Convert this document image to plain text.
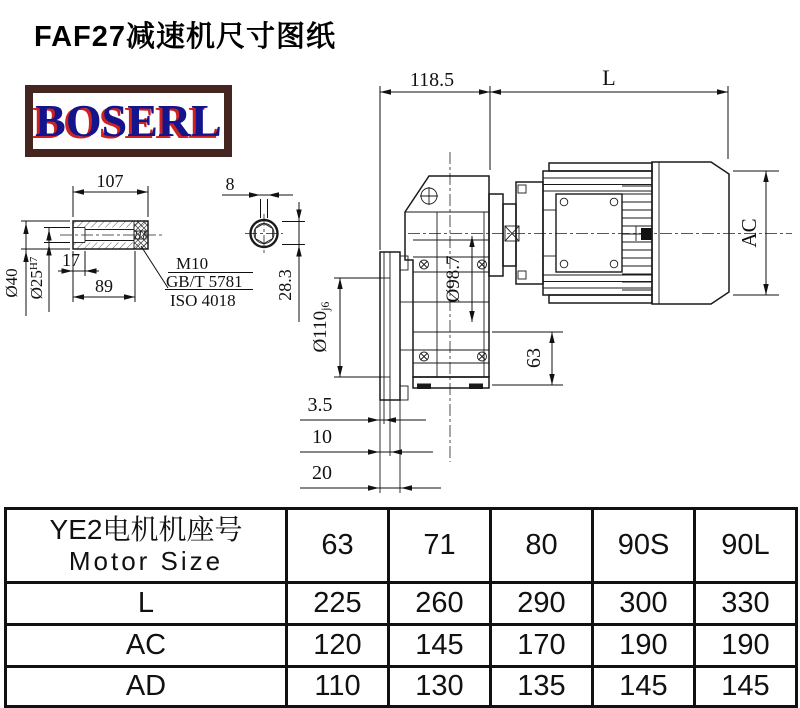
FAF27减速机尺寸图纸
BOSERL
107
17
89
Ø40 $Ø25^{H7}$	M10
GB/T 5781
ISO 4018
8
28.3
118.5	L
AC
Ø98.7
Ø110j6
63
3.5
10
20
YE2电机机座号
Motor Size	63	71	80	90S	90L
L	225	260	290	300	330
AC	120	145	170	190	190
AD	110	130	135	145	145
